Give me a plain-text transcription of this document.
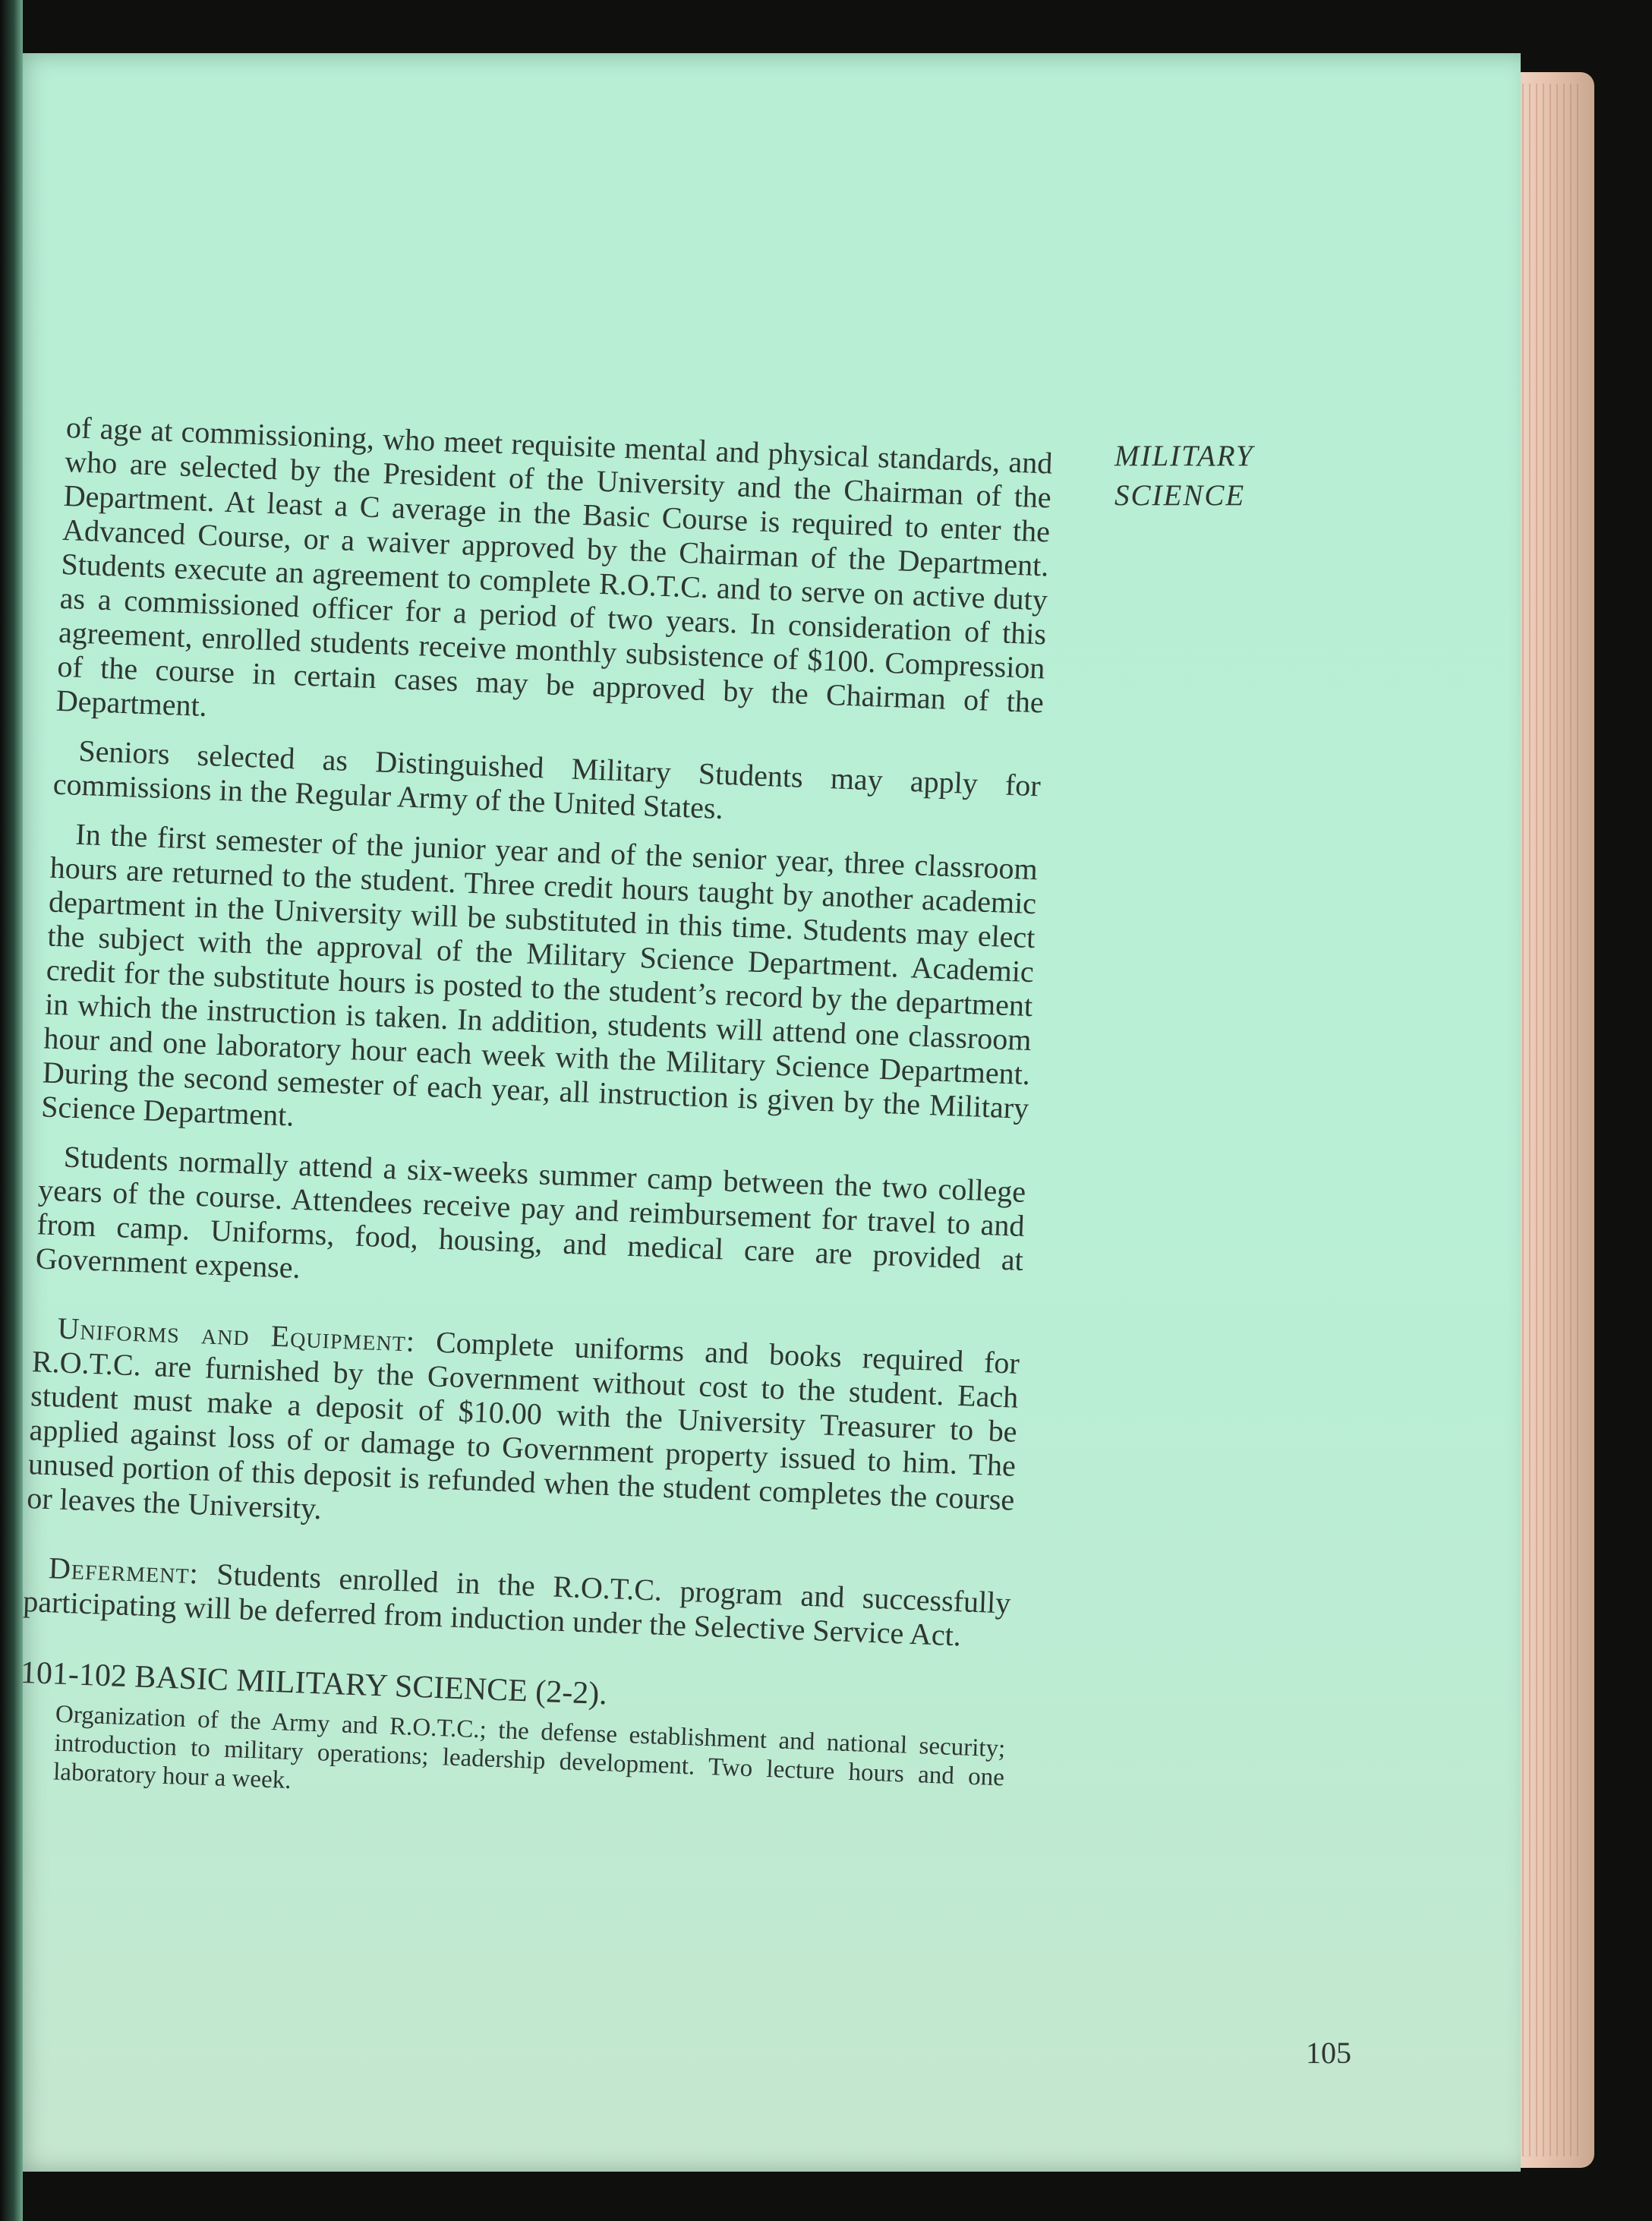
MILITARY
SCIENCE

of age at commissioning, who meet requisite mental and physical standards, and who are selected by the President of the University and the Chairman of the Department. At least a C average in the Basic Course is required to enter the Advanced Course, or a waiver approved by the Chairman of the Department. Students execute an agreement to complete R.O.T.C. and to serve on active duty as a commissioned officer for a period of two years. In consideration of this agreement, enrolled students receive monthly subsistence of $100. Compression of the course in certain cases may be approved by the Chairman of the Department.

Seniors selected as Distinguished Military Students may apply for commissions in the Regular Army of the United States.

In the first semester of the junior year and of the senior year, three classroom hours are returned to the student. Three credit hours taught by another academic department in the University will be substituted in this time. Students may elect the subject with the approval of the Military Science Department. Academic credit for the substitute hours is posted to the student’s record by the department in which the instruction is taken. In addition, students will attend one classroom hour and one laboratory hour each week with the Military Science Department. During the second semester of each year, all instruction is given by the Military Science Department.

Students normally attend a six-weeks summer camp between the two college years of the course. Attendees receive pay and reimbursement for travel to and from camp. Uniforms, food, housing, and medical care are provided at Government expense.

Uniforms and Equipment: Complete uniforms and books required for R.O.T.C. are furnished by the Government without cost to the student. Each student must make a deposit of $10.00 with the University Treasurer to be applied against loss of or damage to Government property issued to him. The unused portion of this deposit is refunded when the student completes the course or leaves the University.

Deferment: Students enrolled in the R.O.T.C. program and successfully participating will be deferred from induction under the Selective Service Act.

101-102 BASIC MILITARY SCIENCE (2-2).
Organization of the Army and R.O.T.C.; the defense establishment and national security; introduction to military operations; leadership development. Two lecture hours and one laboratory hour a week.
105
